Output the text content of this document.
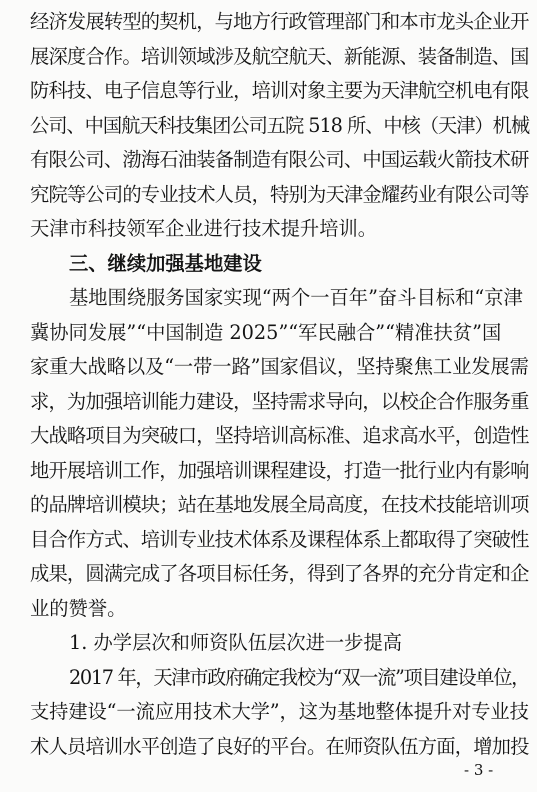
经济发展转型的契机，与地方行政管理部门和本市龙头企业开

展深度合作。培训领域涉及航空航天、新能源、装备制造、国

防科技、电子信息等行业，培训对象主要为天津航空机电有限

公司、中国航天科技集团公司五院 518 所、中核（天津）机械

有限公司、渤海石油装备制造有限公司、中国运载火箭技术研

究院等公司的专业技术人员，特别为天津金耀药业有限公司等

天津市科技领军企业进行技术提升培训。

三、继续加强基地建设

基地围绕服务国家实现“两个一百年”奋斗目标和“京津

冀协同发展”“中国制造 2025”“军民融合”“精准扶贫”国

家重大战略以及“一带一路”国家倡议，坚持聚焦工业发展需

求，为加强培训能力建设，坚持需求导向，以校企合作服务重

大战略项目为突破口，坚持培训高标准、追求高水平，创造性

地开展培训工作，加强培训课程建设，打造一批行业内有影响

的品牌培训模块；站在基地发展全局高度，在技术技能培训项

目合作方式、培训专业技术体系及课程体系上都取得了突破性

成果，圆满完成了各项目标任务，得到了各界的充分肯定和企

业的赞誉。

1. 办学层次和师资队伍层次进一步提高

2017 年，天津市政府确定我校为“双一流”项目建设单位，

支持建设“一流应用技术大学”，这为基地整体提升对专业技

术人员培训水平创造了良好的平台。在师资队伍方面，增加投

- 3 -
